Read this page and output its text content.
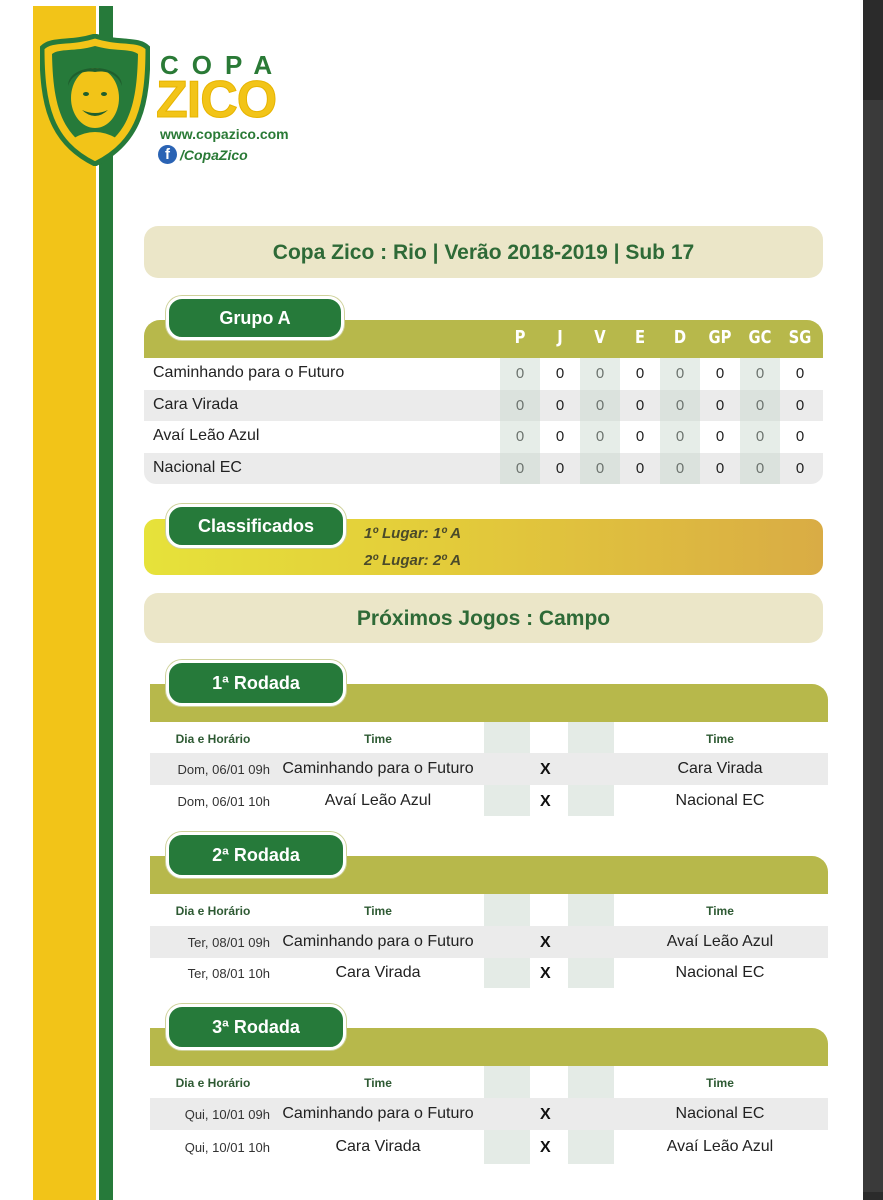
COPA
ZICO
www.copazico.com
f /CopaZico
Copa Zico : Rio | Verão 2018-2019 | Sub 17
Grupo A
P	J	V	E	D	GP GC SG
Caminhando para o Futuro	0	0	0	0	0	0	0	0
Cara Virada	0	0	0	0	0	0	0	0
Avaí Leão Azul	0	0	0	0	0	0	0	0
Nacional EC	0	0	0	0	0	0	0	0
Classificados	1º Lugar: 1º A
2º Lugar: 2º A
Próximos Jogos : Campo
1ª Rodada
Dia e Horário	Time	Time
Dom, 06/01 09h Caminhando para o Futuro	X	Cara Virada
Dom, 06/01 10h	Avaí Leão Azul	X	Nacional EC
2ª Rodada
Dia e Horário	Time	Time
Ter, 08/01 09h Caminhando para o Futuro	X	Avaí Leão Azul
Ter, 08/01 10h	Cara Virada	X	Nacional EC
3ª Rodada
Dia e Horário	Time	Time
Qui, 10/01 09h Caminhando para o Futuro	X	Nacional EC
Qui, 10/01 10h	Cara Virada	X	Avaí Leão Azul
